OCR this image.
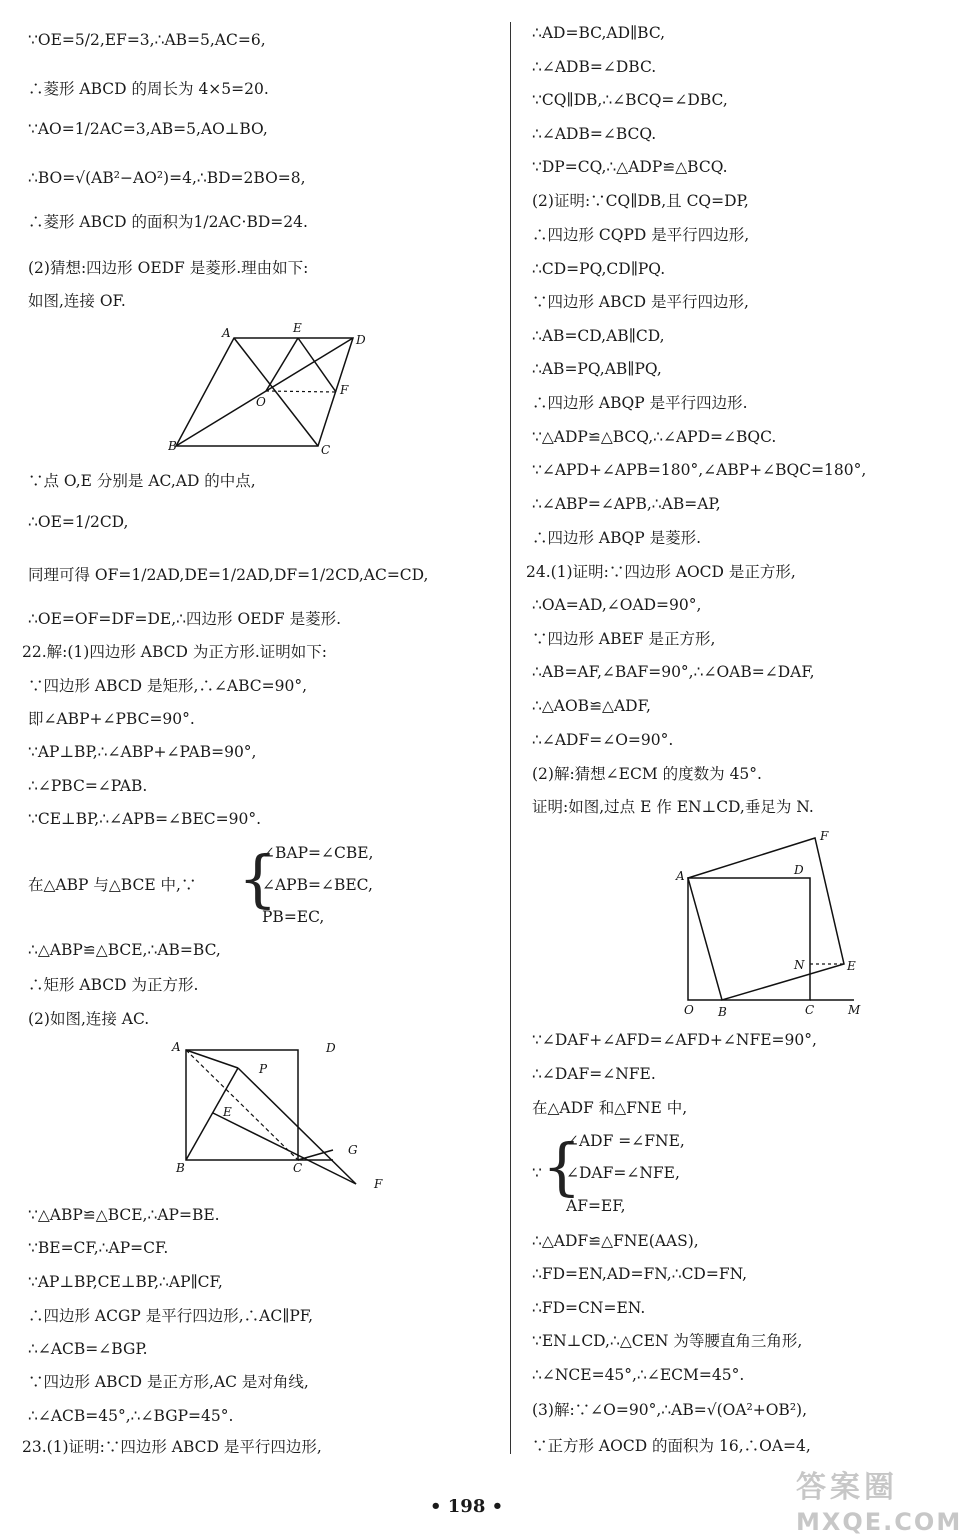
∵OE=5/2,EF=3,∴AB=5,AC=6,
∴菱形 ABCD 的周长为 4×5=20.
∵AO=1/2AC=3,AB=5,AO⊥BO,
∴BO=√(AB²−AO²)=4,∴BD=2BO=8,
∴菱形 ABCD 的面积为1/2AC·BD=24.
(2)猜想:四边形 OEDF 是菱形.理由如下:
如图,连接 OF.
A	E
D
O
F
B	C
∵点 O,E 分别是 AC,AD 的中点,
∴OE=1/2CD,
同理可得 OF=1/2AD,DE=1/2AD,DF=1/2CD,AC=CD,
∴OE=OF=DF=DE,∴四边形 OEDF 是菱形.
22.解:(1)四边形 ABCD 为正方形.证明如下:
∵四边形 ABCD 是矩形,∴∠ABC=90°,
即∠ABP+∠PBC=90°.
∵AP⊥BP,∴∠ABP+∠PAB=90°,
∴∠PBC=∠PAB.
∵CE⊥BP,∴∠APB=∠BEC=90°.
在△ABP 与△BCE 中,∵ {
∠BAP=∠CBE,
∠APB=∠BEC,
PB=EC,
∴△ABP≌△BCE,∴AB=BC,
∴矩形 ABCD 为正方形.
(2)如图,连接 AC.
A	D
P
E
B	C
G
F
∵△ABP≌△BCE,∴AP=BE.
∵BE=CF,∴AP=CF.
∵AP⊥BP,CE⊥BP,∴AP∥CF,
∴四边形 ACGP 是平行四边形,∴AC∥PF,
∴∠ACB=∠BGP.
∵四边形 ABCD 是正方形,AC 是对角线,
∴∠ACB=45°,∴∠BGP=45°.
23.(1)证明:∵四边形 ABCD 是平行四边形,
∴AD=BC,AD∥BC,
∴∠ADB=∠DBC.
∵CQ∥DB,∴∠BCQ=∠DBC,
∴∠ADB=∠BCQ.
∵DP=CQ,∴△ADP≌△BCQ.
(2)证明:∵CQ∥DB,且 CQ=DP,
∴四边形 CQPD 是平行四边形,
∴CD=PQ,CD∥PQ.
∵四边形 ABCD 是平行四边形,
∴AB=CD,AB∥CD,
∴AB=PQ,AB∥PQ,
∴四边形 ABQP 是平行四边形.
∵△ADP≌△BCQ,∴∠APD=∠BQC.
∵∠APD+∠APB=180°,∠ABP+∠BQC=180°,
∴∠ABP=∠APB,∴AB=AP,
∴四边形 ABQP 是菱形.
24.(1)证明:∵四边形 AOCD 是正方形,
∴OA=AD,∠OAD=90°,
∵四边形 ABEF 是正方形,
∴AB=AF,∠BAF=90°,∴∠OAB=∠DAF,
∴△AOB≌△ADF,
∴∠ADF=∠O=90°.
(2)解:猜想∠ECM 的度数为 45°.
证明:如图,过点 E 作 EN⊥CD,垂足为 N.
F
A	D
N	E
O B	C	M
∵∠DAF+∠AFD=∠AFD+∠NFE=90°,
∴∠DAF=∠NFE.
在△ADF 和△FNE 中,
∵ {
∠ADF =∠FNE,
∠DAF=∠NFE,
AF=EF,
∴△ADF≌△FNE(AAS),
∴FD=EN,AD=FN,∴CD=FN,
∴FD=CN=EN.
∵EN⊥CD,∴△CEN 为等腰直角三角形,
∴∠NCE=45°,∴∠ECM=45°.
(3)解:∵∠O=90°,∴AB=√(OA²+OB²),
∵正方形 AOCD 的面积为 16,∴OA=4,
• 198 •
答案圈
MXQE.COM
